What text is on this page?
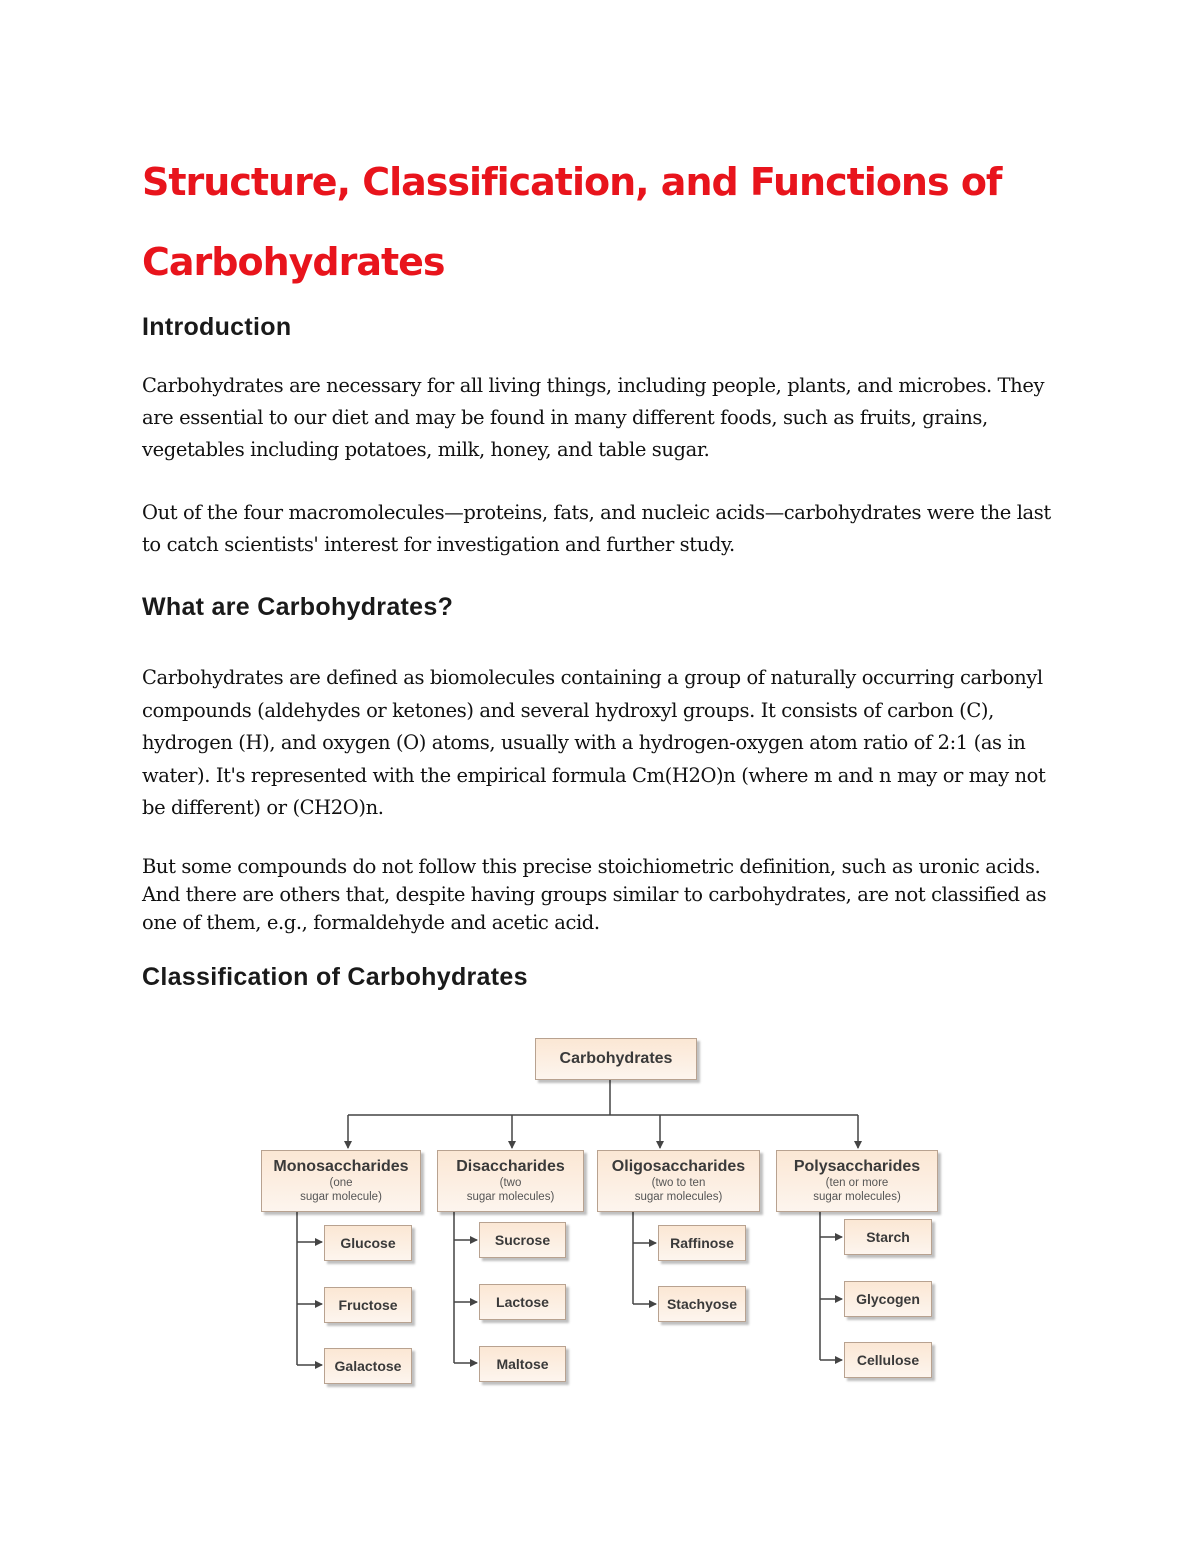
Structure, Classification, and Functions of Carbohydrates
Introduction

Carbohydrates are necessary for all living things, including people, plants, and microbes. They are essential to our diet and may be found in many different foods, such as fruits, grains, vegetables including potatoes, milk, honey, and table sugar.

Out of the four macromolecules—proteins, fats, and nucleic acids—carbohydrates were the last to catch scientists' interest for investigation and further study.

What are Carbohydrates?

Carbohydrates are defined as biomolecules containing a group of naturally occurring carbonyl compounds (aldehydes or ketones) and several hydroxyl groups. It consists of carbon (C), hydrogen (H), and oxygen (O) atoms, usually with a hydrogen-oxygen atom ratio of 2:1 (as in water). It's represented with the empirical formula Cm(H2O)n (where m and n may or may not be different) or (CH2O)n.

But some compounds do not follow this precise stoichiometric definition, such as uronic acids. And there are others that, despite having groups similar to carbohydrates, are not classified as one of them, e.g., formaldehyde and acetic acid.

Classification of Carbohydrates
Carbohydrates
Monosaccharides
(one
sugar molecule)
Disaccharides
(two
sugar molecules)
Oligosaccharides
(two to ten
sugar molecules)
Polysaccharides
(ten or more
sugar molecules)
Glucose
Fructose
Galactose
Sucrose
Lactose
Maltose
Raffinose
Stachyose
Starch
Glycogen
Cellulose
